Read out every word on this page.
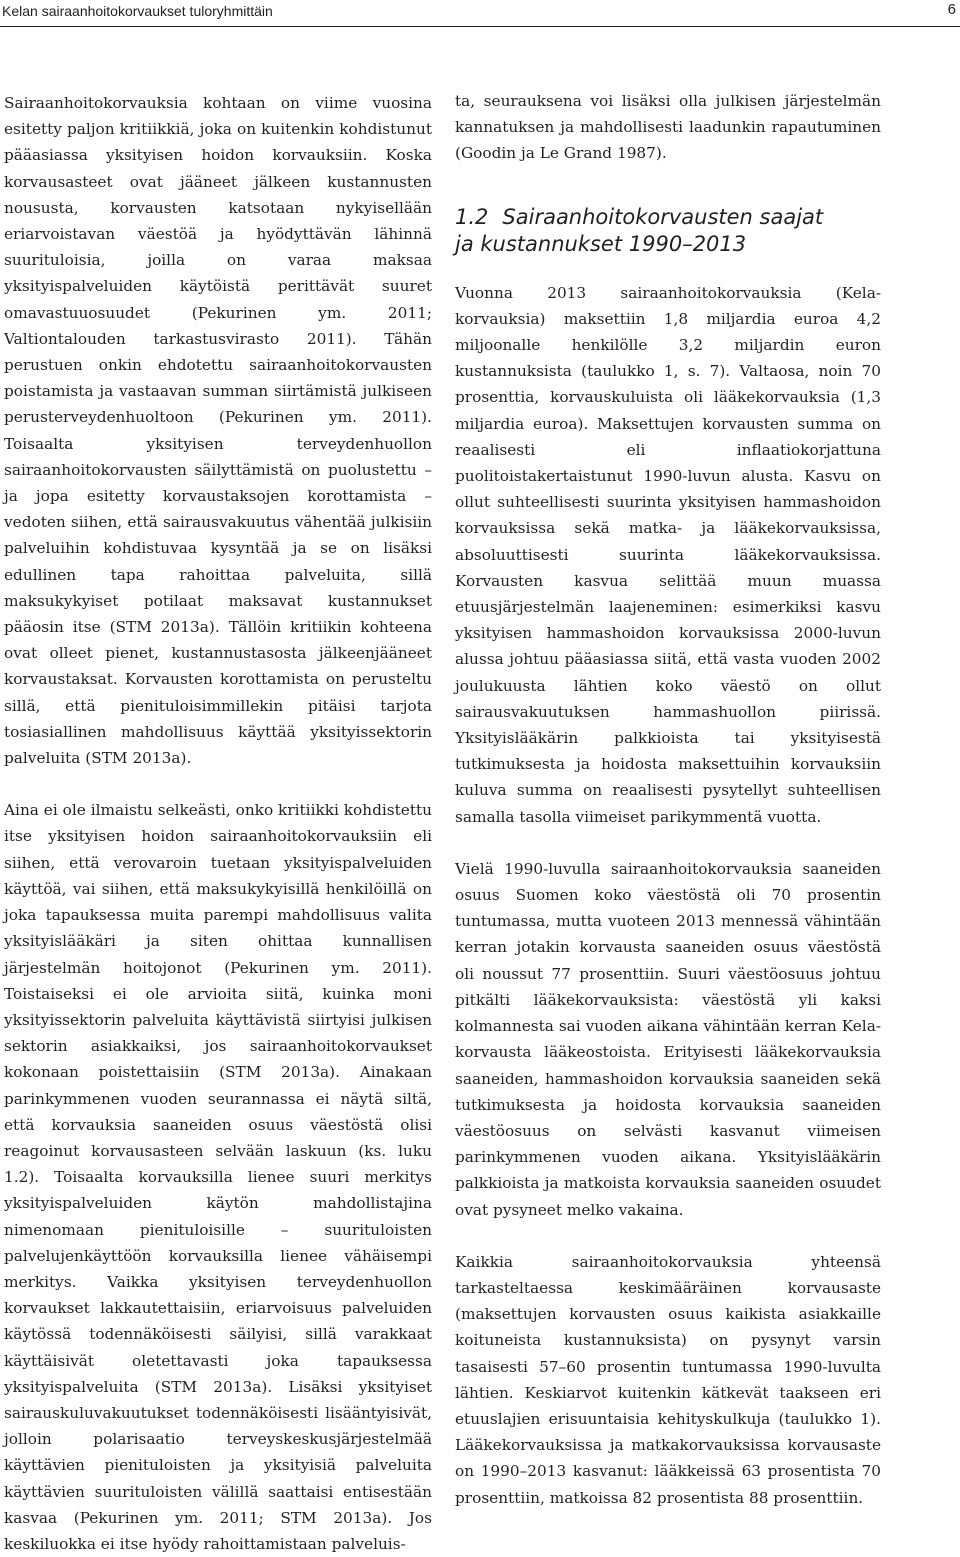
Kelan sairaanhoitokorvaukset tuloryhmittäin	6

Sairaanhoitokorvauksia kohtaan on viime vuosina esitetty paljon kritiikkiä, joka on kuitenkin kohdistunut pääasiassa yksityisen hoidon korvauksiin. Koska korvausasteet ovat jääneet jälkeen kustannusten noususta, korvausten katsotaan nykyisellään eriarvoistavan väestöä ja hyödyttävän lähinnä suurituloisia, joilla on varaa maksaa yksityispalveluiden käytöistä perittävät suuret omavastuuosuudet (Pekurinen ym. 2011; Valtiontalouden tarkastusvirasto 2011). Tähän perustuen onkin ehdotettu sairaanhoitokorvausten poistamista ja vastaavan summan siirtämistä julkiseen perusterveydenhuoltoon (Pekurinen ym. 2011). Toisaalta yksityisen terveydenhuollon sairaanhoitokorvausten säilyttämistä on puolustettu – ja jopa esitetty korvaustaksojen korottamista – vedoten siihen, että sairausvakuutus vähentää julkisiin palveluihin kohdistuvaa kysyntää ja se on lisäksi edullinen tapa rahoittaa palveluita, sillä maksukykyiset potilaat maksavat kustannukset pääosin itse (STM 2013a). Tällöin kritiikin kohteena ovat olleet pienet, kustannustasosta jälkeenjääneet korvaustaksat. Korvausten korottamista on perusteltu sillä, että pienituloisimmillekin pitäisi tarjota tosiasiallinen mahdollisuus käyttää yksityissektorin palveluita (STM 2013a).

Aina ei ole ilmaistu selkeästi, onko kritiikki kohdistettu itse yksityisen hoidon sairaanhoitokorvauksiin eli siihen, että verovaroin tuetaan yksityispalveluiden käyttöä, vai siihen, että maksukykyisillä henkilöillä on joka tapauksessa muita parempi mahdollisuus valita yksityislääkäri ja siten ohittaa kunnallisen järjestelmän hoitojonot (Pekurinen ym. 2011). Toistaiseksi ei ole arvioita siitä, kuinka moni yksityissektorin palveluita käyttävistä siirtyisi julkisen sektorin asiakkaiksi, jos sairaanhoitokorvaukset kokonaan poistettaisiin (STM 2013a). Ainakaan parinkymmenen vuoden seurannassa ei näytä siltä, että korvauksia saaneiden osuus väestöstä olisi reagoinut korvausasteen selvään laskuun (ks. luku 1.2). Toisaalta korvauksilla lienee suuri merkitys yksityispalveluiden käytön mahdollistajina nimenomaan pienituloisille – suurituloisten palvelujenkäyttöön korvauksilla lienee vähäisempi merkitys. Vaikka yksityisen terveydenhuollon korvaukset lakkautettaisiin, eriarvoisuus palveluiden käytössä todennäköisesti säilyisi, sillä varakkaat käyttäisivät oletettavasti joka tapauksessa yksityispalveluita (STM 2013a). Lisäksi yksityiset sairauskuluvakuutukset todennäköisesti lisääntyisivät, jolloin polarisaatio terveyskeskusjärjestelmää käyttävien pienituloisten ja yksityisiä palveluita käyttävien suurituloisten välillä saattaisi entisestään kasvaa (Pekurinen ym. 2011; STM 2013a). Jos keskiluokka ei itse hyödy rahoittamistaan palveluis-

ta, seurauksena voi lisäksi olla julkisen järjestelmän kannatuksen ja mahdollisesti laadunkin rapautuminen (Goodin ja Le Grand 1987).

1.2 Sairaanhoitokorvausten saajat
ja kustannukset 1990–2013

Vuonna 2013 sairaanhoitokorvauksia (Kela-korvauksia) maksettiin 1,8 miljardia euroa 4,2 miljoonalle henkilölle 3,2 miljardin euron kustannuksista (taulukko 1, s. 7). Valtaosa, noin 70 prosenttia, korvauskuluista oli lääkekorvauksia (1,3 miljardia euroa). Maksettujen korvausten summa on reaalisesti eli inflaatiokorjattuna puolitoistakertaistunut 1990-luvun alusta. Kasvu on ollut suhteellisesti suurinta yksityisen hammashoidon korvauksissa sekä matka- ja lääkekorvauksissa, absoluuttisesti suurinta lääkekorvauksissa. Korvausten kasvua selittää muun muassa etuusjärjestelmän laajeneminen: esimerkiksi kasvu yksityisen hammashoidon korvauksissa 2000-luvun alussa johtuu pääasiassa siitä, että vasta vuoden 2002 joulukuusta lähtien koko väestö on ollut sairausvakuutuksen hammashuollon piirissä. Yksityislääkärin palkkioista tai yksityisestä tutkimuksesta ja hoidosta maksettuihin korvauksiin kuluva summa on reaalisesti pysytellyt suhteellisen samalla tasolla viimeiset parikymmentä vuotta.

Vielä 1990-luvulla sairaanhoitokorvauksia saaneiden osuus Suomen koko väestöstä oli 70 prosentin tuntumassa, mutta vuoteen 2013 mennessä vähintään kerran jotakin korvausta saaneiden osuus väestöstä oli noussut 77 prosenttiin. Suuri väestöosuus johtuu pitkälti lääkekorvauksista: väestöstä yli kaksi kolmannesta sai vuoden aikana vähintään kerran Kela-korvausta lääkeostoista. Erityisesti lääkekorvauksia saaneiden, hammashoidon korvauksia saaneiden sekä tutkimuksesta ja hoidosta korvauksia saaneiden väestöosuus on selvästi kasvanut viimeisen parinkymmenen vuoden aikana. Yksityislääkärin palkkioista ja matkoista korvauksia saaneiden osuudet ovat pysyneet melko vakaina.

Kaikkia sairaanhoitokorvauksia yhteensä tarkasteltaessa keskimääräinen korvausaste (maksettujen korvausten osuus kaikista asiakkaille koituneista kustannuksista) on pysynyt varsin tasaisesti 57–60 prosentin tuntumassa 1990-luvulta lähtien. Keskiarvot kuitenkin kätkevät taakseen eri etuuslajien erisuuntaisia kehityskulkuja (taulukko 1). Lääkekorvauksissa ja matkakorvauksissa korvausaste on 1990–2013 kasvanut: lääkkeissä 63 prosentista 70 prosenttiin, matkoissa 82 prosentista 88 prosenttiin.
